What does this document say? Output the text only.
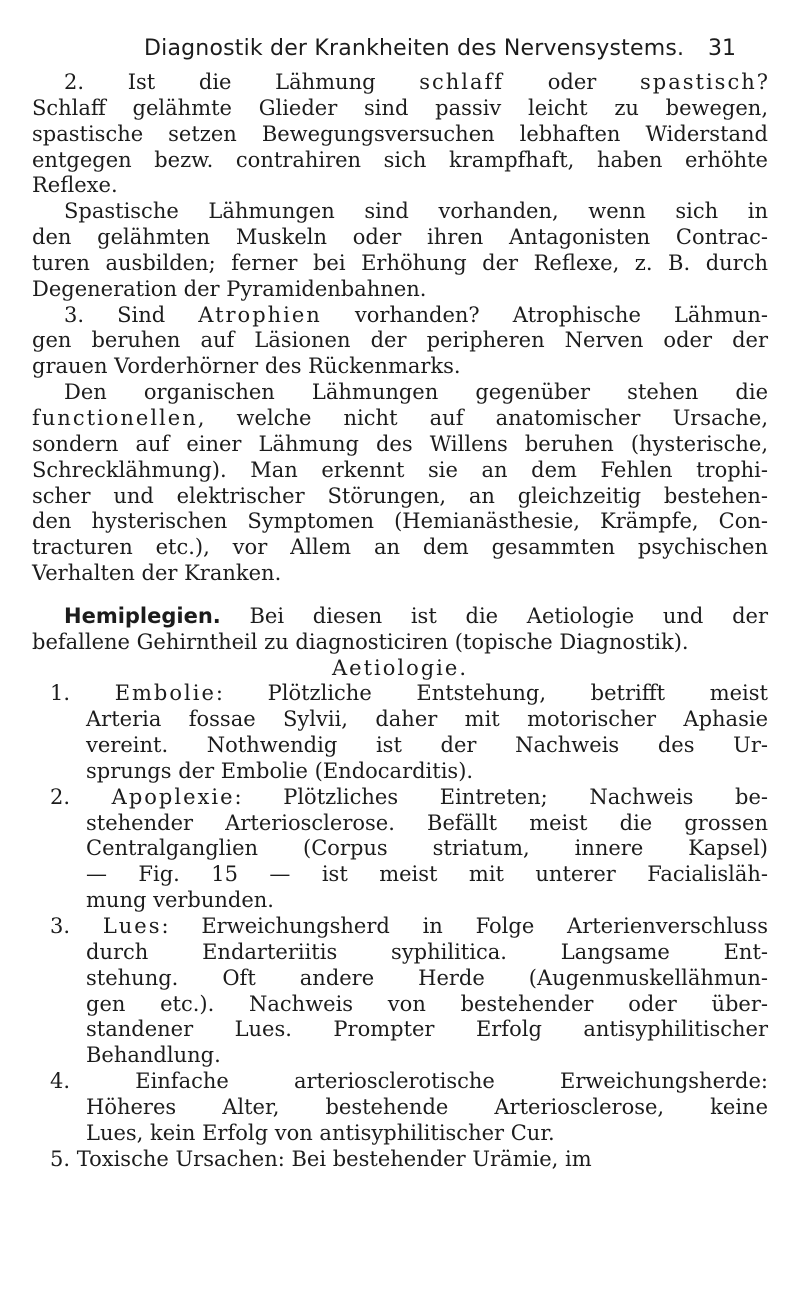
Diagnostik der Krankheiten des Nervensystems. 31
2. Ist die Lähmung schlaff oder spastisch?
Schlaff gelähmte Glieder sind passiv leicht zu bewegen,
spastische setzen Bewegungsversuchen lebhaften Widerstand
entgegen bezw. contrahiren sich krampfhaft, haben erhöhte
Reflexe.
Spastische Lähmungen sind vorhanden, wenn sich in
den gelähmten Muskeln oder ihren Antagonisten Contrac-
turen ausbilden; ferner bei Erhöhung der Reflexe, z. B. durch
Degeneration der Pyramidenbahnen.
3. Sind Atrophien vorhanden? Atrophische Lähmun-
gen beruhen auf Läsionen der peripheren Nerven oder der
grauen Vorderhörner des Rückenmarks.
Den organischen Lähmungen gegenüber stehen die
functionellen, welche nicht auf anatomischer Ursache,
sondern auf einer Lähmung des Willens beruhen (hysterische,
Schrecklähmung). Man erkennt sie an dem Fehlen trophi-
scher und elektrischer Störungen, an gleichzeitig bestehen-
den hysterischen Symptomen (Hemianästhesie, Krämpfe, Con-
tracturen etc.), vor Allem an dem gesammten psychischen
Verhalten der Kranken.
Hemiplegien. Bei diesen ist die Aetiologie und der
befallene Gehirntheil zu diagnosticiren (topische Diagnostik).
Aetiologie.
1. Embolie: Plötzliche Entstehung, betrifft meist
Arteria fossae Sylvii, daher mit motorischer Aphasie
vereint. Nothwendig ist der Nachweis des Ur-
sprungs der Embolie (Endocarditis).
2. Apoplexie: Plötzliches Eintreten; Nachweis be-
stehender Arteriosclerose. Befällt meist die grossen
Centralganglien (Corpus striatum, innere Kapsel)
— Fig. 15 — ist meist mit unterer Facialisläh-
mung verbunden.
3. Lues: Erweichungsherd in Folge Arterienverschluss
durch Endarteriitis syphilitica. Langsame Ent-
stehung. Oft andere Herde (Augenmuskellähmun-
gen etc.). Nachweis von bestehender oder über-
standener Lues. Prompter Erfolg antisyphilitischer
Behandlung.
4. Einfache arteriosclerotische Erweichungsherde:
Höheres Alter, bestehende Arteriosclerose, keine
Lues, kein Erfolg von antisyphilitischer Cur.
5. Toxische Ursachen: Bei bestehender Urämie, im
